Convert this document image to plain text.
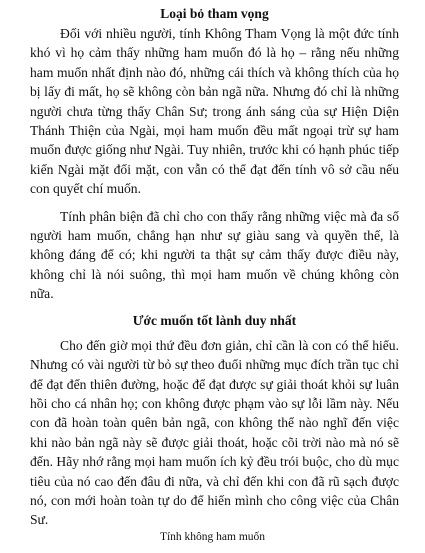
Loại bỏ tham vọng

Đối với nhiều người, tính Không Tham Vọng là một đức tính khó vì họ cảm thấy những ham muốn đó là họ – rằng nếu những ham muốn nhất định nào đó, những cái thích và không thích của họ bị lấy đi mất, họ sẽ không còn bản ngã nữa. Nhưng đó chỉ là những người chưa từng thấy Chân Sư; trong ánh sáng của sự Hiện Diện Thánh Thiện của Ngài, mọi ham muốn đều mất ngoại trừ sự ham muốn được giống như Ngài. Tuy nhiên, trước khi có hạnh phúc tiếp kiến Ngài mặt đối mặt, con vẫn có thể đạt đến tính vô sở cầu nếu con quyết chí muốn.

Tính phân biện đã chỉ cho con thấy rằng những việc mà đa số người ham muốn, chẳng hạn như sự giàu sang và quyền thế, là không đáng để có; khi người ta thật sự cảm thấy được điều này, không chỉ là nói suông, thì mọi ham muốn về chúng không còn nữa.

Ước muốn tốt lành duy nhất

Cho đến giờ mọi thứ đều đơn giản, chỉ cần là con có thể hiểu. Nhưng có vài người từ bỏ sự theo đuổi những mục đích trần tục chỉ để đạt đến thiên đường, hoặc để đạt được sự giải thoát khỏi sự luân hồi cho cá nhân họ; con không được phạm vào sự lỗi lầm này. Nếu con đã hoàn toàn quên bản ngã, con không thể nào nghĩ đến việc khi nào bản ngã này sẽ được giải thoát, hoặc cõi trời nào mà nó sẽ đến. Hãy nhớ rằng mọi ham muốn ích kỷ đều trói buộc, cho dù mục tiêu của nó cao đến đâu đi nữa, và chỉ đến khi con đã rũ sạch được nó, con mới hoàn toàn tự do để hiến mình cho công việc của Chân Sư.

Tính không ham muốn
